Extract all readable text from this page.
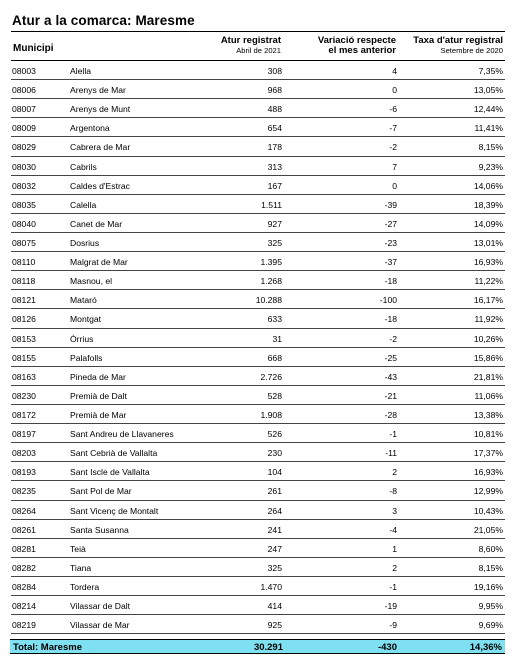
Atur a la comarca: Maresme
Municipi
Atur registrat
Abril de 2021
Variació respecte
el mes anterior
Taxa d'atur registral
Setembre de 2020
08003	Alella	308	4	7,35%
08006	Arenys de Mar	968	0	13,05%
08007	Arenys de Munt	488	-6	12,44%
08009	Argentona	654	-7	11,41%
08029	Cabrera de Mar	178	-2	8,15%
08030	Cabrils	313	7	9,23%
08032	Caldes d'Estrac	167	0	14,06%
08035	Calella	1.511	-39	18,39%
08040	Canet de Mar	927	-27	14,09%
08075	Dosrius	325	-23	13,01%
08110	Malgrat de Mar	1.395	-37	16,93%
08118	Masnou, el	1.268	-18	11,22%
08121	Mataró	10.288	-100	16,17%
08126	Montgat	633	-18	11,92%
08153	Òrrius	31	-2	10,26%
08155	Palafolls	668	-25	15,86%
08163	Pineda de Mar	2.726	-43	21,81%
08230	Premià de Dalt	528	-21	11,06%
08172	Premià de Mar	1.908	-28	13,38%
08197	Sant Andreu de Llavaneres	526	-1	10,81%
08203	Sant Cebrià de Vallalta	230	-11	17,37%
08193	Sant Iscle de Vallalta	104	2	16,93%
08235	Sant Pol de Mar	261	-8	12,99%
08264	Sant Vicenç de Montalt	264	3	10,43%
08261	Santa Susanna	241	-4	21,05%
08281	Teià	247	1	8,60%
08282	Tiana	325	2	8,15%
08284	Tordera	1.470	-1	19,16%
08214	Vilassar de Dalt	414	-19	9,95%
08219	Vilassar de Mar	925	-9	9,69%
Total: Maresme	30.291	-430	14,36%
